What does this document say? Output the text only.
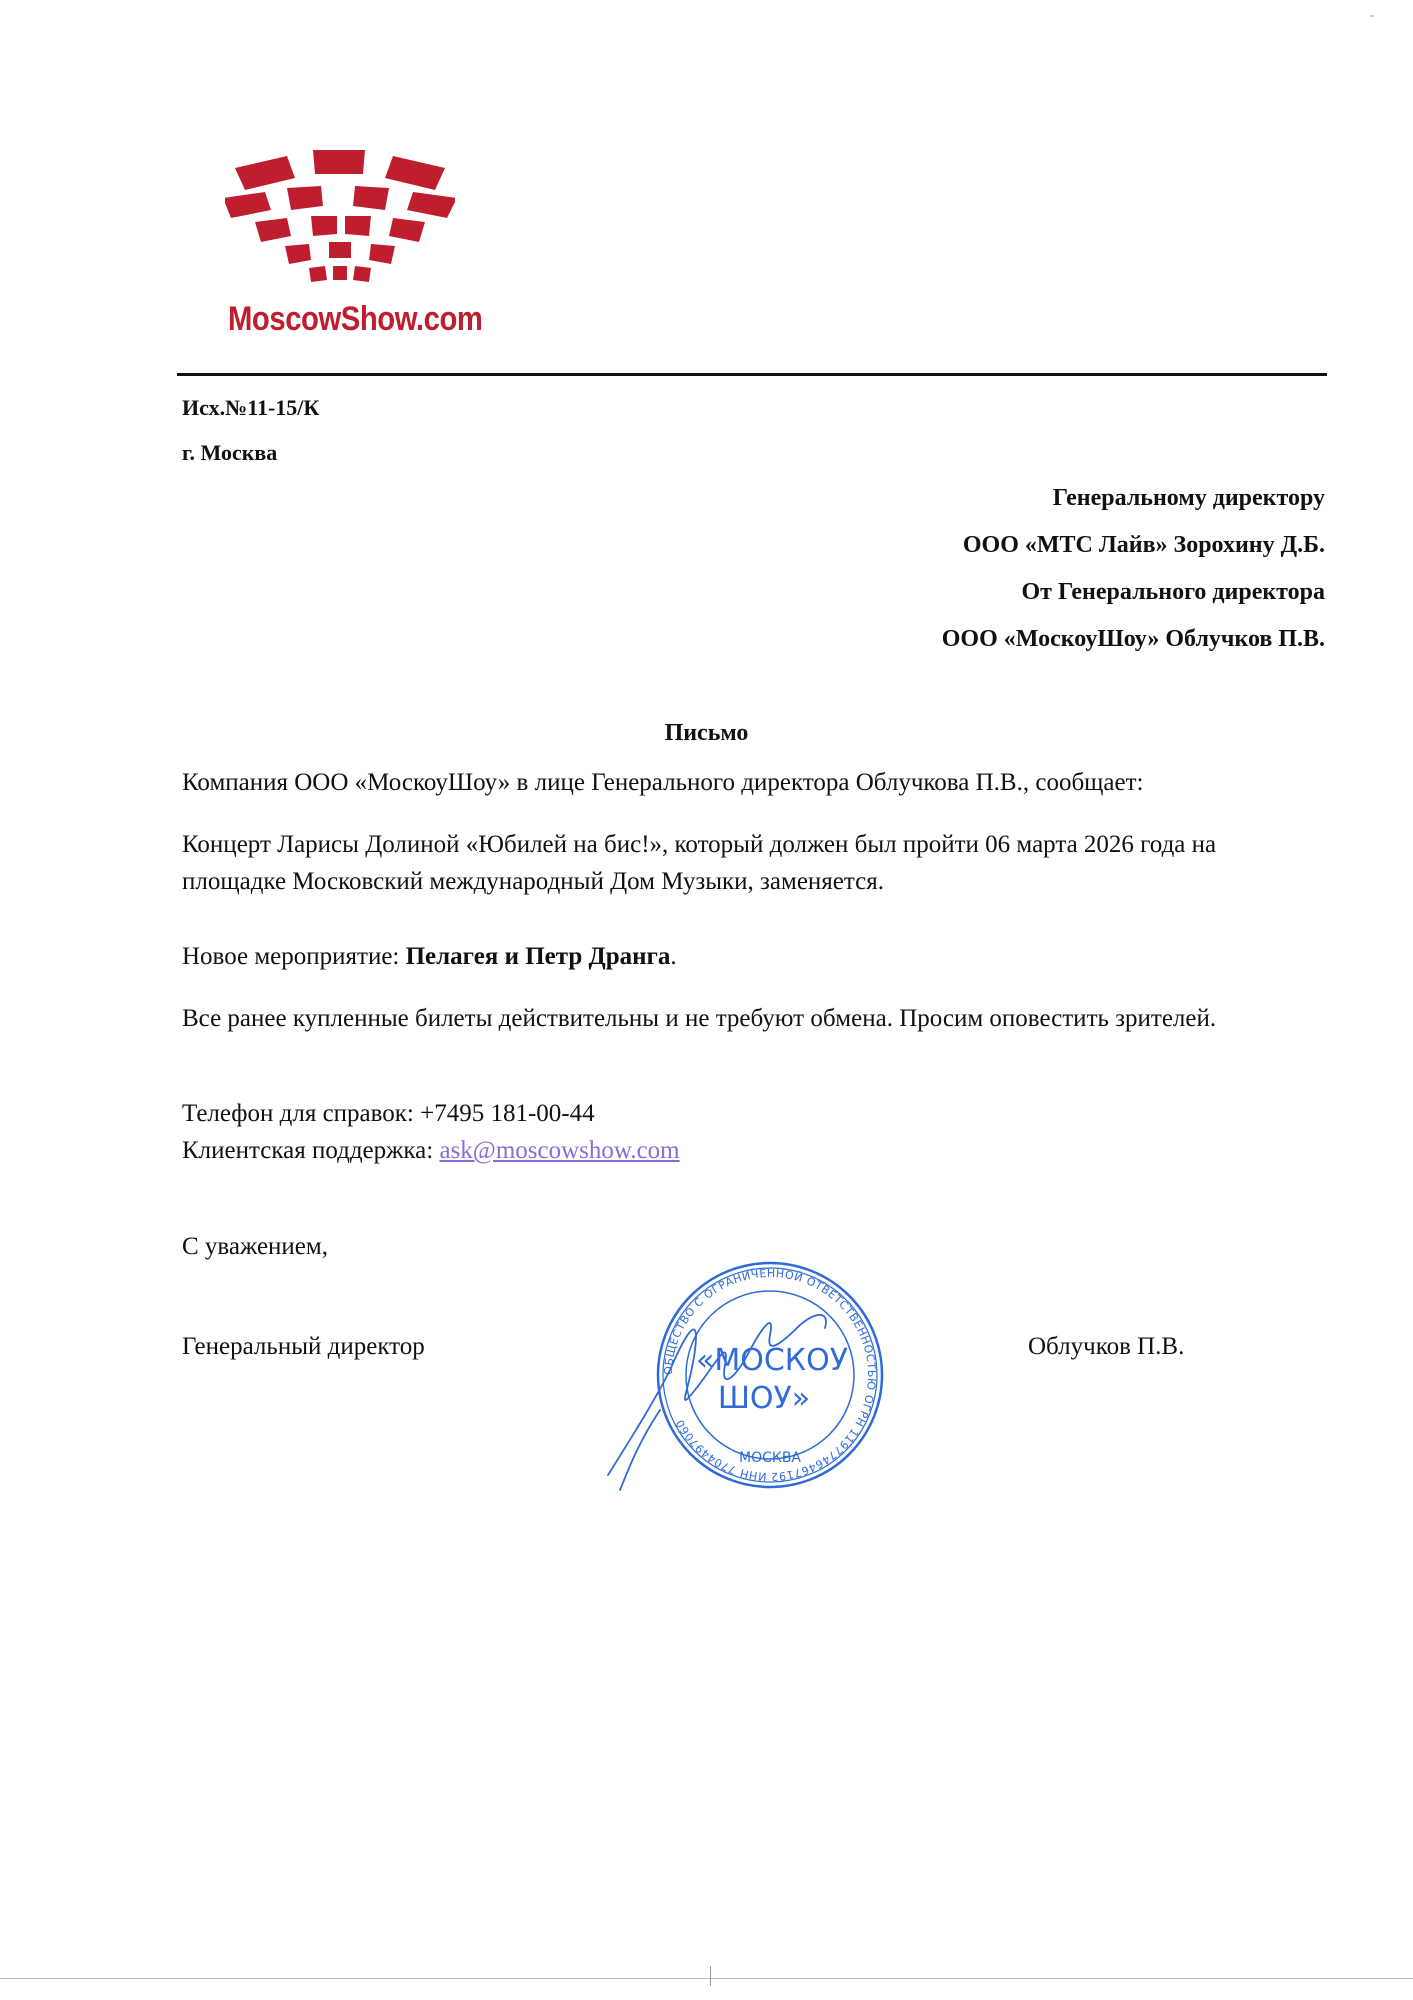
MoscowShow.com
Исх.№11-15/К
г. Москва
Генеральному директору
ООО «МТС Лайв» Зорохину Д.Б.
От Генерального директора
ООО «МоскоуШоу» Облучков П.В.
Письмо
Компания ООО «МоскоуШоу» в лице Генерального директора Облучкова П.В., сообщает:
Концерт Ларисы Долиной «Юбилей на бис!», который должен был пройти 06 марта 2026 года на площадке Московский международный Дом Музыки, заменяется.
Новое мероприятие: Пелагея и Петр Дранга.
Все ранее купленные билеты действительны и не требуют обмена. Просим оповестить зрителей.
Телефон для справок: +7495 181-00-44
Клиентская поддержка: ask@moscowshow.com
С уважением,
Генеральный директор	Облучков П.В.
ОБЩЕСТВО С ОГРАНИЧЕННОЙ ОТВЕТСТВЕННОСТЬЮ ОГРН 1197746467192 ИНН 7704497060
«МОСКОУ
ШОУ»
МОСКВА
-
